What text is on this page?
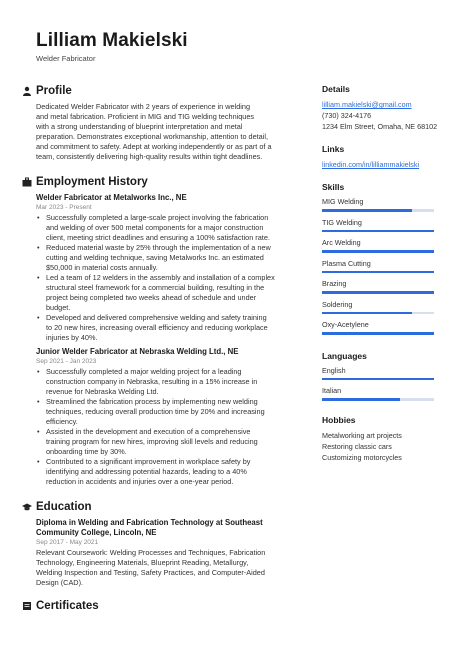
Lilliam Makielski
Welder Fabricator
Profile
Dedicated Welder Fabricator with 2 years of experience in welding
and metal fabrication. Proficient in MIG and TIG welding techniques
with a strong understanding of blueprint interpretation and metal
preparation. Demonstrates exceptional workmanship, attention to detail,
and commitment to safety. Adept at working independently or as part of a
team, consistently delivering high-quality results within tight deadlines.
Employment History
Welder Fabricator at Metalworks Inc., NE
Mar 2023 - Present
• Successfully completed a large-scale project involving the fabrication
and welding of over 500 metal components for a major construction
client, meeting strict deadlines and ensuring a 100% satisfaction rate.
• Reduced material waste by 25% through the implementation of a new
cutting and welding technique, saving Metalworks Inc. an estimated
$50,000 in material costs annually.
• Led a team of 12 welders in the assembly and installation of a complex
structural steel framework for a commercial building, resulting in the
project being completed two weeks ahead of schedule and under
budget.
• Developed and delivered comprehensive welding and safety training
to 20 new hires, increasing overall efficiency and reducing workplace
injuries by 40%.
Junior Welder Fabricator at Nebraska Welding Ltd., NE
Sep 2021 - Jan 2023
• Successfully completed a major welding project for a leading
construction company in Nebraska, resulting in a 15% increase in
revenue for Nebraska Welding Ltd.
• Streamlined the fabrication process by implementing new welding
techniques, reducing overall production time by 20% and increasing
efficiency.
• Assisted in the development and execution of a comprehensive
training program for new hires, improving skill levels and reducing
onboarding time by 30%.
• Contributed to a significant improvement in workplace safety by
identifying and addressing potential hazards, leading to a 40%
reduction in accidents and injuries over a one-year period.
Education
Diploma in Welding and Fabrication Technology at Southeast
Community College, Lincoln, NE
Sep 2017 - May 2021
Relevant Coursework: Welding Processes and Techniques, Fabrication
Technology, Engineering Materials, Blueprint Reading, Metallurgy,
Welding Inspection and Testing, Safety Practices, and Computer-Aided
Design (CAD).
Certificates
Details
lilliam.makielski@gmail.com
(730) 324-4176
1234 Elm Street, Omaha, NE 68102
Links
linkedin.com/in/lilliammakielski
Skills
MIG Welding
TIG Welding
Arc Welding
Plasma Cutting
Brazing
Soldering
Oxy-Acetylene
Languages
English
Italian
Hobbies
Metalworking art projects
Restoring classic cars
Customizing motorcycles
